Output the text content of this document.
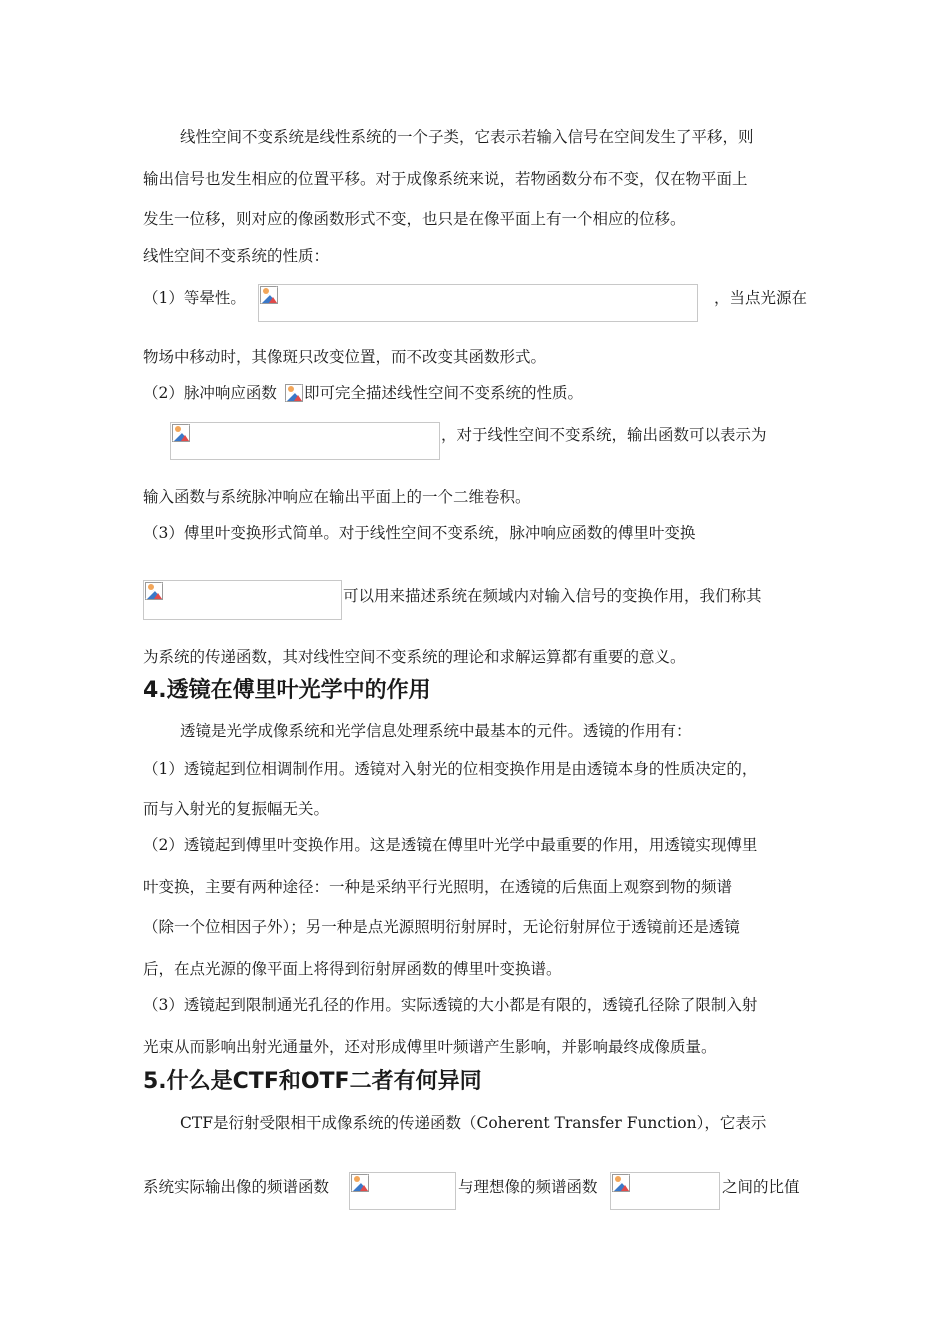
线性空间不变系统是线性系统的一个子类，它表示若输入信号在空间发生了平移，则
输出信号也发生相应的位置平移。对于成像系统来说，若物函数分布不变，仅在物平面上
发生一位移，则对应的像函数形式不变，也只是在像平面上有一个相应的位移。
线性空间不变系统的性质：
（1）等晕性。	，当点光源在
物场中移动时，其像斑只改变位置，而不改变其函数形式。
（2）脉冲响应函数 即可完全描述线性空间不变系统的性质。
，对于线性空间不变系统，输出函数可以表示为
输入函数与系统脉冲响应在输出平面上的一个二维卷积。
（3）傅里叶变换形式简单。对于线性空间不变系统，脉冲响应函数的傅里叶变换
可以用来描述系统在频域内对输入信号的变换作用，我们称其
为系统的传递函数，其对线性空间不变系统的理论和求解运算都有重要的意义。
4.透镜在傅里叶光学中的作用
透镜是光学成像系统和光学信息处理系统中最基本的元件。透镜的作用有：
（1）透镜起到位相调制作用。透镜对入射光的位相变换作用是由透镜本身的性质决定的，
而与入射光的复振幅无关。
（2）透镜起到傅里叶变换作用。这是透镜在傅里叶光学中最重要的作用，用透镜实现傅里
叶变换，主要有两种途径：一种是采纳平行光照明，在透镜的后焦面上观察到物的频谱
（除一个位相因子外）；另一种是点光源照明衍射屏时，无论衍射屏位于透镜前还是透镜
后，在点光源的像平面上将得到衍射屏函数的傅里叶变换谱。
（3）透镜起到限制通光孔径的作用。实际透镜的大小都是有限的，透镜孔径除了限制入射
光束从而影响出射光通量外，还对形成傅里叶频谱产生影响，并影响最终成像质量。
5.什么是CTF和OTF二者有何异同
CTF是衍射受限相干成像系统的传递函数（Coherent Transfer Function），它表示
系统实际输出像的频谱函数	与理想像的频谱函数	之间的比值
